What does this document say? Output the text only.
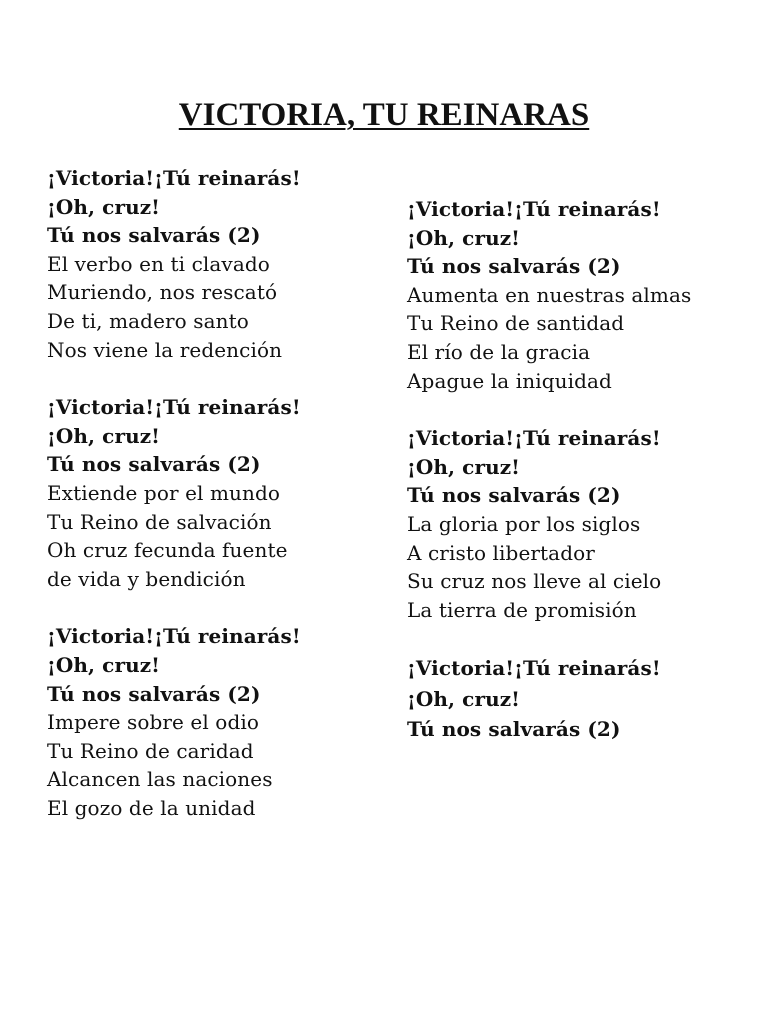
VICTORIA, TU REINARAS
¡Victoria!¡Tú reinarás!
¡Oh, cruz!
Tú nos salvarás (2)
El verbo en ti clavado
Muriendo, nos rescató
De ti, madero santo
Nos viene la redención
¡Victoria!¡Tú reinarás!
¡Oh, cruz!
Tú nos salvarás (2)
Extiende por el mundo
Tu Reino de salvación
Oh cruz fecunda fuente
de vida y bendición
¡Victoria!¡Tú reinarás!
¡Oh, cruz!
Tú nos salvarás (2)
Impere sobre el odio
Tu Reino de caridad
Alcancen las naciones
El gozo de la unidad
¡Victoria!¡Tú reinarás!
¡Oh, cruz!
Tú nos salvarás (2)
Aumenta en nuestras almas
Tu Reino de santidad
El río de la gracia
Apague la iniquidad
¡Victoria!¡Tú reinarás!
¡Oh, cruz!
Tú nos salvarás (2)
La gloria por los siglos
A cristo libertador
Su cruz nos lleve al cielo
La tierra de promisión
¡Victoria!¡Tú reinarás!
¡Oh, cruz!
Tú nos salvarás (2)
